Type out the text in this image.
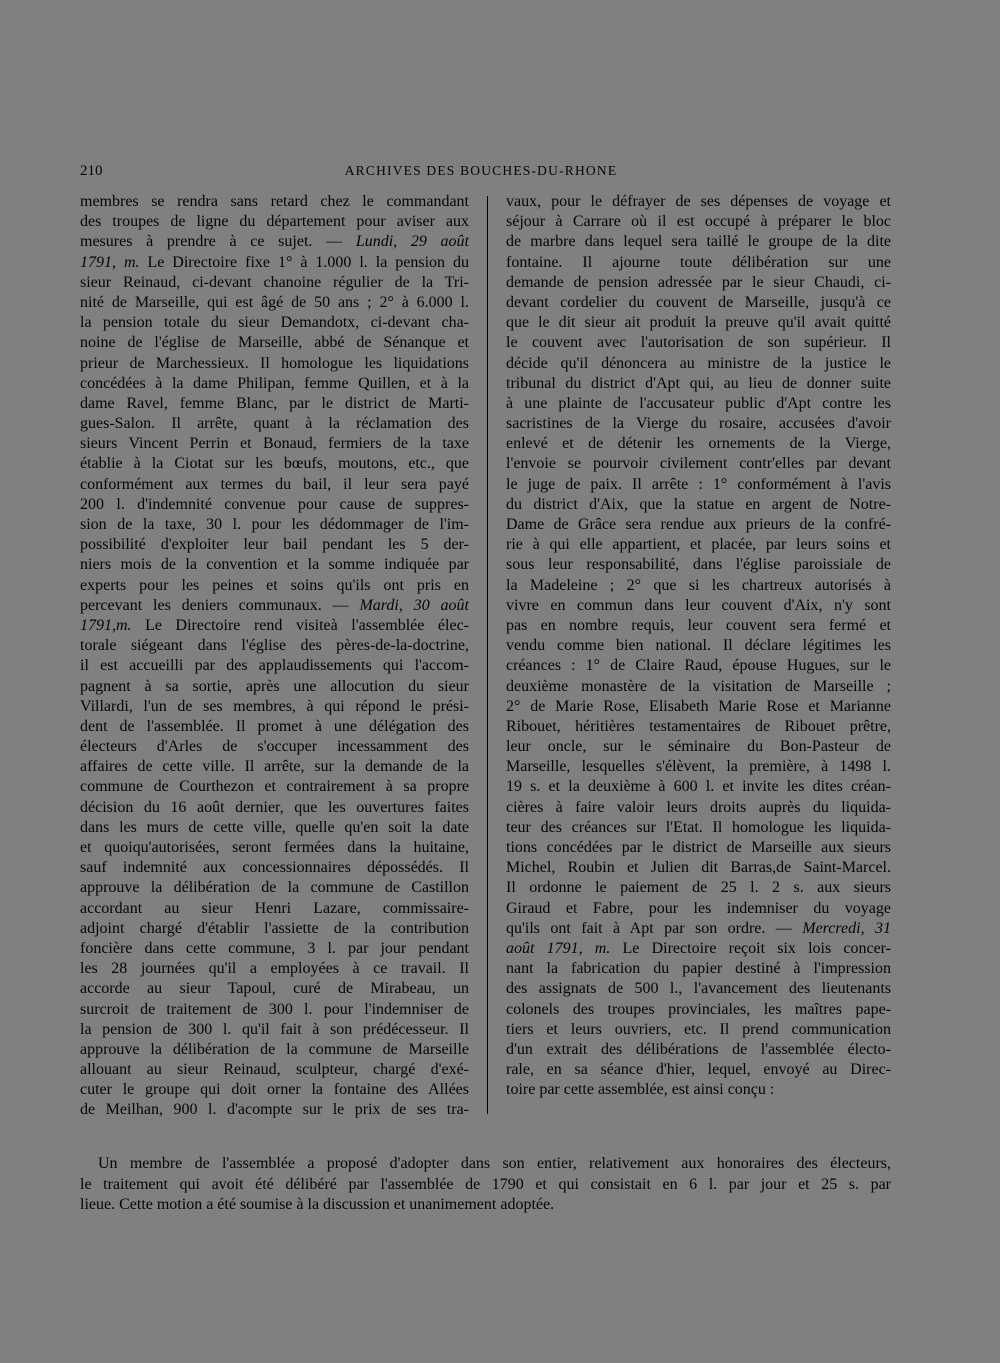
210	ARCHIVES DES BOUCHES-DU-RHONE
membres se rendra sans retard chez le commandant
des troupes de ligne du département pour aviser aux
mesures à prendre à ce sujet. — Lundi, 29 août
1791, m. Le Directoire fixe 1° à 1.000 l. la pension du
sieur Reinaud, ci-devant chanoine régulier de la Tri-
nité de Marseille, qui est âgé de 50 ans ; 2° à 6.000 l.
la pension totale du sieur Demandotx, ci-devant cha-
noine de l'église de Marseille, abbé de Sénanque et
prieur de Marchessieux. Il homologue les liquidations
concédées à la dame Philipan, femme Quillen, et à la
dame Ravel, femme Blanc, par le district de Marti-
gues-Salon. Il arrête, quant à la réclamation des
sieurs Vincent Perrin et Bonaud, fermiers de la taxe
établie à la Ciotat sur les bœufs, moutons, etc., que
conformément aux termes du bail, il leur sera payé
200 l. d'indemnité convenue pour cause de suppres-
sion de la taxe, 30 l. pour les dédommager de l'im-
possibilité d'exploiter leur bail pendant les 5 der-
niers mois de la convention et la somme indiquée par
experts pour les peines et soins qu'ils ont pris en
percevant les deniers communaux. — Mardi, 30 août
1791,m. Le Directoire rend visiteà l'assemblée élec-
torale siégeant dans l'église des pères-de-la-doctrine,
il est accueilli par des applaudissements qui l'accom-
pagnent à sa sortie, après une allocution du sieur
Villardi, l'un de ses membres, à qui répond le prési-
dent de l'assemblée. Il promet à une délégation des
électeurs d'Arles de s'occuper incessamment des
affaires de cette ville. Il arrête, sur la demande de la
commune de Courthezon et contrairement à sa propre
décision du 16 août dernier, que les ouvertures faites
dans les murs de cette ville, quelle qu'en soit la date
et quoiqu'autorisées, seront fermées dans la huitaine,
sauf indemnité aux concessionnaires dépossédés. Il
approuve la délibération de la commune de Castillon
accordant au sieur Henri Lazare, commissaire-
adjoint chargé d'établir l'assiette de la contribution
foncière dans cette commune, 3 l. par jour pendant
les 28 journées qu'il a employées à ce travail. Il
accorde au sieur Tapoul, curé de Mirabeau, un
surcroit de traitement de 300 l. pour l'indemniser de
la pension de 300 l. qu'il fait à son prédécesseur. Il
approuve la délibération de la commune de Marseille
allouant au sieur Reinaud, sculpteur, chargé d'exé-
cuter le groupe qui doit orner la fontaine des Allées
de Meilhan, 900 l. d'acompte sur le prix de ses tra-
vaux, pour le défrayer de ses dépenses de voyage et
séjour à Carrare où il est occupé à préparer le bloc
de marbre dans lequel sera taillé le groupe de la dite
fontaine. Il ajourne toute délibération sur une
demande de pension adressée par le sieur Chaudi, ci-
devant cordelier du couvent de Marseille, jusqu'à ce
que le dit sieur ait produit la preuve qu'il avait quitté
le couvent avec l'autorisation de son supérieur. Il
décide qu'il dénoncera au ministre de la justice le
tribunal du district d'Apt qui, au lieu de donner suite
à une plainte de l'accusateur public d'Apt contre les
sacristines de la Vierge du rosaire, accusées d'avoir
enlevé et de détenir les ornements de la Vierge,
l'envoie se pourvoir civilement contr'elles par devant
le juge de paix. Il arrête : 1° conformément à l'avis
du district d'Aix, que la statue en argent de Notre-
Dame de Grâce sera rendue aux prieurs de la confré-
rie à qui elle appartient, et placée, par leurs soins et
sous leur responsabilité, dans l'église paroissiale de
la Madeleine ; 2° que si les chartreux autorisés à
vivre en commun dans leur couvent d'Aix, n'y sont
pas en nombre requis, leur couvent sera fermé et
vendu comme bien national. Il déclare légitimes les
créances : 1° de Claire Raud, épouse Hugues, sur le
deuxième monastère de la visitation de Marseille ;
2° de Marie Rose, Elisabeth Marie Rose et Marianne
Ribouet, héritières testamentaires de Ribouet prêtre,
leur oncle, sur le séminaire du Bon-Pasteur de
Marseille, lesquelles s'élèvent, la première, à 1498 l.
19 s. et la deuxième à 600 l. et invite les dites créan-
cières à faire valoir leurs droits auprès du liquida-
teur des créances sur l'Etat. Il homologue les liquida-
tions concédées par le district de Marseille aux sieurs
Michel, Roubin et Julien dit Barras,de Saint-Marcel.
Il ordonne le paiement de 25 l. 2 s. aux sieurs
Giraud et Fabre, pour les indemniser du voyage
qu'ils ont fait à Apt par son ordre. — Mercredi, 31
août 1791, m. Le Directoire reçoit six lois concer-
nant la fabrication du papier destiné à l'impression
des assignats de 500 l., l'avancement des lieutenants
colonels des troupes provinciales, les maîtres pape-
tiers et leurs ouvriers, etc. Il prend communication
d'un extrait des délibérations de l'assemblée électo-
rale, en sa séance d'hier, lequel, envoyé au Direc-
toire par cette assemblée, est ainsi conçu :
Un membre de l'assemblée a proposé d'adopter dans son entier, relativement aux honoraires des électeurs,
le traitement qui avoit été délibéré par l'assemblée de 1790 et qui consistait en 6 l. par jour et 25 s. par
lieue. Cette motion a été soumise à la discussion et unanimement adoptée.
